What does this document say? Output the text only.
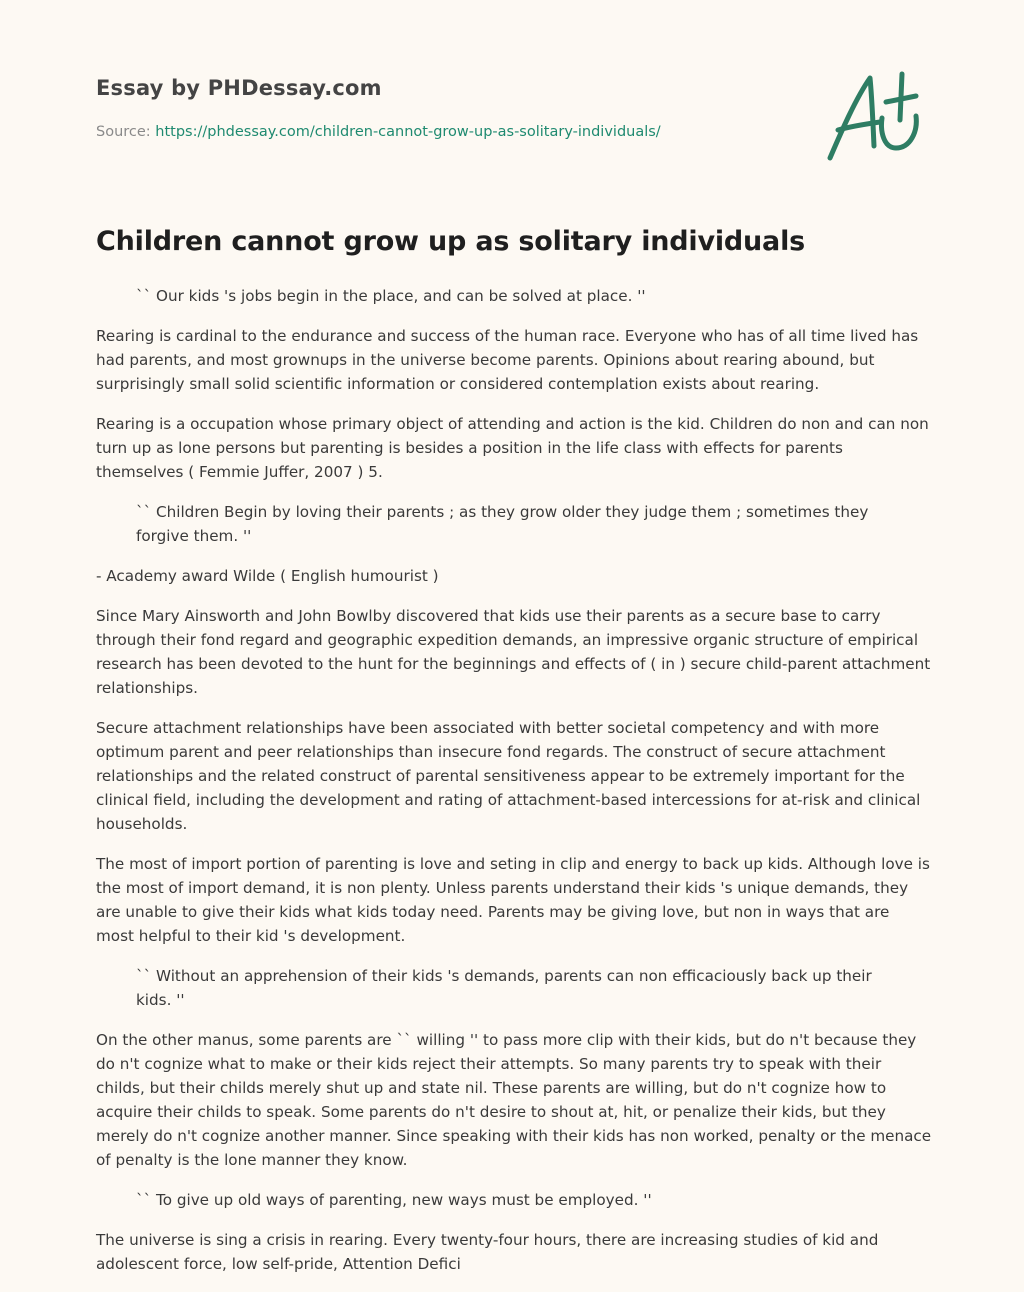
Essay by PHDessay.com
Source: https://phdessay.com/children-cannot-grow-up-as-solitary-individuals/
Children cannot grow up as solitary individuals

`` Our kids 's jobs begin in the place, and can be solved at place. ''

Rearing is cardinal to the endurance and success of the human race. Everyone who has of all time lived has had parents, and most grownups in the universe become parents. Opinions about rearing abound, but surprisingly small solid scientific information or considered contemplation exists about rearing.

Rearing is a occupation whose primary object of attending and action is the kid. Children do non and can non turn up as lone persons but parenting is besides a position in the life class with effects for parents themselves ( Femmie Juffer, 2007 ) 5.

`` Children Begin by loving their parents ; as they grow older they judge them ; sometimes they forgive them. ''

- Academy award Wilde ( English humourist )

Since Mary Ainsworth and John Bowlby discovered that kids use their parents as a secure base to carry through their fond regard and geographic expedition demands, an impressive organic structure of empirical research has been devoted to the hunt for the beginnings and effects of ( in ) secure child-parent attachment relationships.

Secure attachment relationships have been associated with better societal competency and with more optimum parent and peer relationships than insecure fond regards. The construct of secure attachment relationships and the related construct of parental sensitiveness appear to be extremely important for the clinical field, including the development and rating of attachment-based intercessions for at-risk and clinical households.

The most of import portion of parenting is love and seting in clip and energy to back up kids. Although love is the most of import demand, it is non plenty. Unless parents understand their kids 's unique demands, they are unable to give their kids what kids today need. Parents may be giving love, but non in ways that are most helpful to their kid 's development.

`` Without an apprehension of their kids 's demands, parents can non efficaciously back up their kids. ''

On the other manus, some parents are `` willing '' to pass more clip with their kids, but do n't because they do n't cognize what to make or their kids reject their attempts. So many parents try to speak with their childs, but their childs merely shut up and state nil. These parents are willing, but do n't cognize how to acquire their childs to speak. Some parents do n't desire to shout at, hit, or penalize their kids, but they merely do n't cognize another manner. Since speaking with their kids has non worked, penalty or the menace of penalty is the lone manner they know.

`` To give up old ways of parenting, new ways must be employed. ''

The universe is sing a crisis in rearing. Every twenty-four hours, there are increasing studies of kid and adolescent force, low self-pride, Attention Defici
